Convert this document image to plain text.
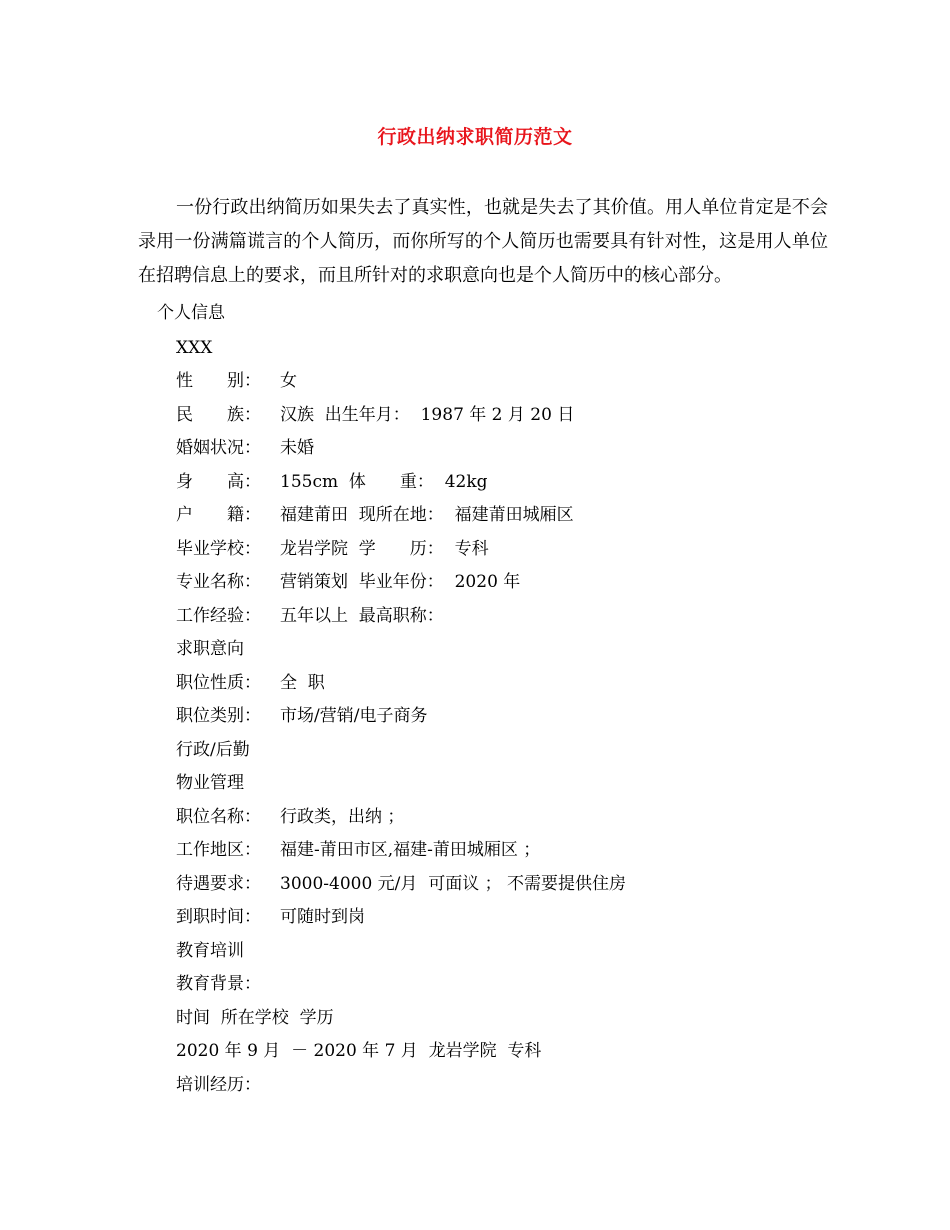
行政出纳求职简历范文
一份行政出纳简历如果失去了真实性，也就是失去了其价值。用人单位肯定是不会录用一份满篇谎言的个人简历，而你所写的个人简历也需要具有针对性，这是用人单位在招聘信息上的要求，而且所针对的求职意向也是个人简历中的核心部分。
个人信息
XXX
性　　别： 女
民　　族： 汉族  出生年月：  1987 年 2 月 20 日
婚姻状况： 未婚
身　　高： 155cm  体　　重：  42kg
户　　籍： 福建莆田  现所在地：  福建莆田城厢区
毕业学校： 龙岩学院  学　　历：  专科
专业名称： 营销策划  毕业年份：  2020 年
工作经验： 五年以上  最高职称：
求职意向
职位性质： 全  职
职位类别： 市场/营销/电子商务
行政/后勤
物业管理
职位名称： 行政类，出纳 ；
工作地区： 福建-莆田市区,福建-莆田城厢区 ；
待遇要求： 3000-4000 元/月  可面议 ； 不需要提供住房
到职时间： 可随时到岗
教育培训
教育背景：
时间  所在学校  学历
2020 年 9 月  － 2020 年 7 月  龙岩学院  专科
培训经历：
